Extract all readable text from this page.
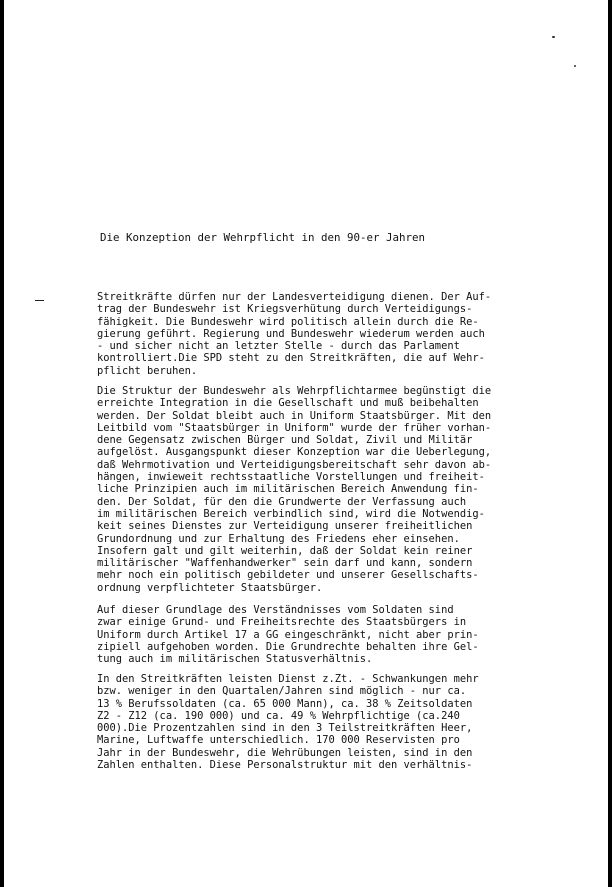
Die Konzeption der Wehrpflicht in den 90-er Jahren
Streitkräfte dürfen nur der Landesverteidigung dienen. Der Auf-
trag der Bundeswehr ist Kriegsverhütung durch Verteidigungs-
fähigkeit. Die Bundeswehr wird politisch allein durch die Re-
gierung geführt. Regierung und Bundeswehr wiederum werden auch
- und sicher nicht an letzter Stelle - durch das Parlament
kontrolliert.Die SPD steht zu den Streitkräften, die auf Wehr-
pflicht beruhen.
Die Struktur der Bundeswehr als Wehrpflichtarmee begünstigt die
erreichte Integration in die Gesellschaft und muß beibehalten
werden. Der Soldat bleibt auch in Uniform Staatsbürger. Mit den
Leitbild vom "Staatsbürger in Uniform" wurde der früher vorhan-
dene Gegensatz zwischen Bürger und Soldat, Zivil und Militär
aufgelöst. Ausgangspunkt dieser Konzeption war die Ueberlegung,
daß Wehrmotivation und Verteidigungsbereitschaft sehr davon ab-
hängen, inwieweit rechtsstaatliche Vorstellungen und freiheit-
liche Prinzipien auch im militärischen Bereich Anwendung fin-
den. Der Soldat, für den die Grundwerte der Verfassung auch
im militärischen Bereich verbindlich sind, wird die Notwendig-
keit seines Dienstes zur Verteidigung unserer freiheitlichen
Grundordnung und zur Erhaltung des Friedens eher einsehen.
Insofern galt und gilt weiterhin, daß der Soldat kein reiner
militärischer "Waffenhandwerker" sein darf und kann, sondern
mehr noch ein politisch gebildeter und unserer Gesellschafts-
ordnung verpflichteter Staatsbürger.
Auf dieser Grundlage des Verständnisses vom Soldaten sind
zwar einige Grund- und Freiheitsrechte des Staatsbürgers in
Uniform durch Artikel 17 a GG eingeschränkt, nicht aber prin-
zipiell aufgehoben worden. Die Grundrechte behalten ihre Gel-
tung auch im militärischen Statusverhältnis.
In den Streitkräften leisten Dienst z.Zt. - Schwankungen mehr
bzw. weniger in den Quartalen/Jahren sind möglich - nur ca.
13 % Berufssoldaten (ca. 65 000 Mann), ca. 38 % Zeitsoldaten
Z2 - Z12 (ca. 190 000) und ca. 49 % Wehrpflichtige (ca.240
000).Die Prozentzahlen sind in den 3 Teilstreitkräften Heer,
Marine, Luftwaffe unterschiedlich. 170 000 Reservisten pro
Jahr in der Bundeswehr, die Wehrübungen leisten, sind in den
Zahlen enthalten. Diese Personalstruktur mit den verhältnis-
